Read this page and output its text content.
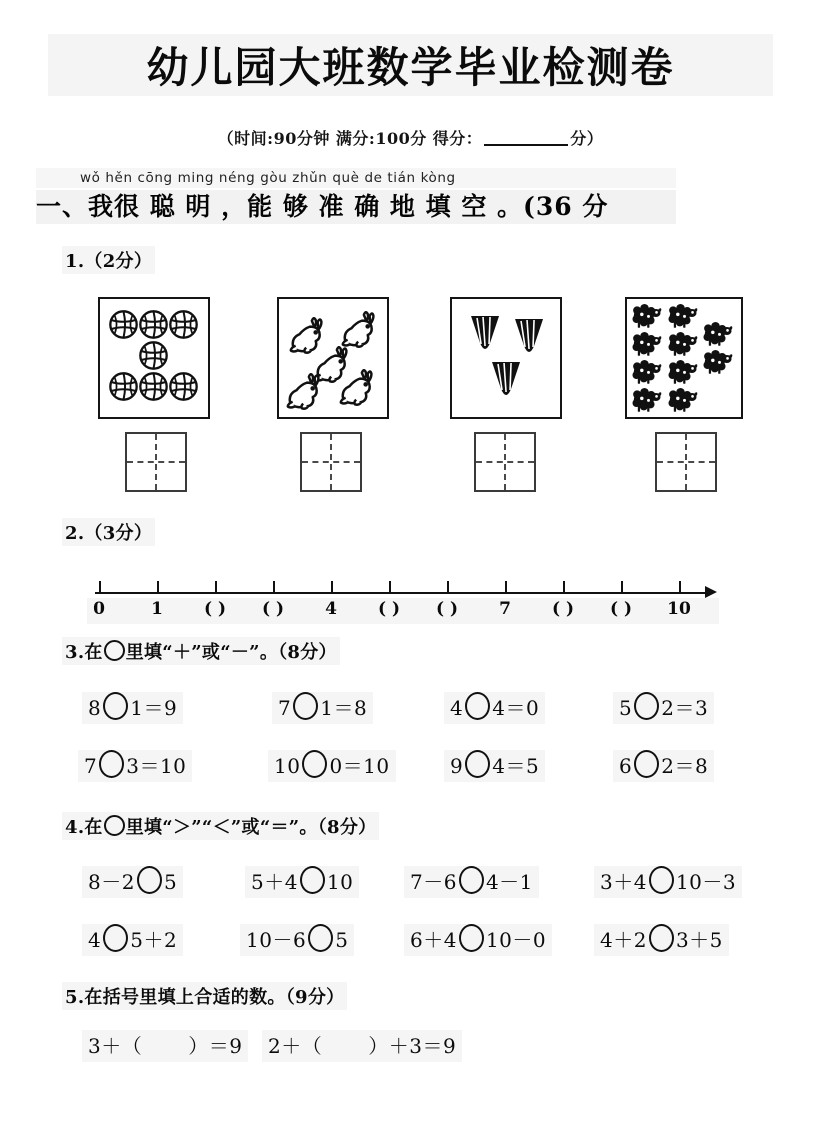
幼儿园大班数学毕业检测卷
（时间:90分钟 满分:100分 得分：	分）
wǒ hěn cōng ming néng gòu zhǔn què de tián kòng
一、我很 聪 明 ，能 够 准 确 地 填 空 。(36 分
1.（2分）
2.（3分）
0	1 ( ) ( ) 4 ( ) ( ) 7 ( ) ( ) 10
3.在 里填“＋”或“－”。（8分）
8 1＝9	7 1＝8	4 4＝0	5 2＝3
7 3＝10	10 0＝10	9 4＝5	6 2＝8
4.在 里填“＞”“＜”或“＝”。（8分）
8－2 5	5＋4 10	7－6 4－1	3＋4 10－3
4 5＋2	10－6 5	6＋4 10－0	4＋2 3＋5
5.在括号里填上合适的数。（9分）
3＋（ ）＝9	2＋（ ）＋3＝9
